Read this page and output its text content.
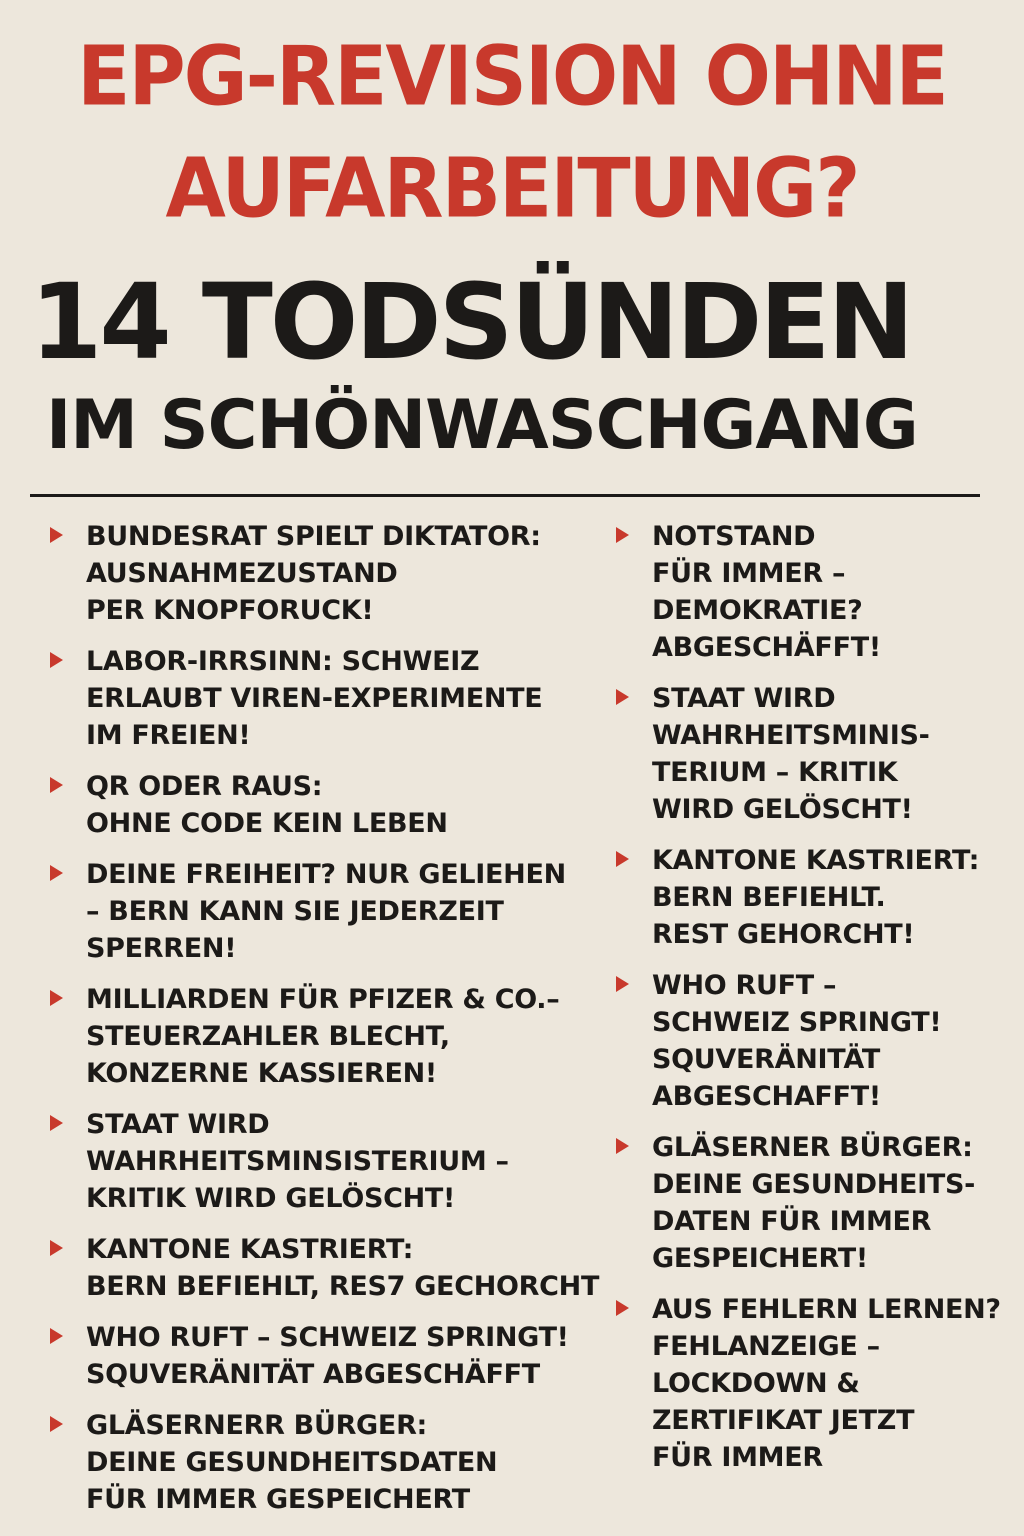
EPG-REVISION OHNE
AUFARBEITUNG?
14 TODSÜNDEN
IM SCHÖNWASCHGANG
BUNDESRAT SPIELT DIKTATOR:
AUSNAHMEZUSTAND
PER KNOPFORUCK!
LABOR-IRRSINN: SCHWEIZ
ERLAUBT VIREN-EXPERIMENTE
IM FREIEN!
QR ODER RAUS:
OHNE CODE KEIN LEBEN
DEINE FREIHEIT? NUR GELIEHEN
– BERN KANN SIE JEDERZEIT
SPERREN!
MILLIARDEN FÜR PFIZER & CO.–
STEUERZAHLER BLECHT,
KONZERNE KASSIEREN!
STAAT WIRD
WAHRHEITSMINSISTERIUM –
KRITIK WIRD GELÖSCHT!
KANTONE KASTRIERT:
BERN BEFIEHLT, RES7 GECHORCHT
WHO RUFT – SCHWEIZ SPRINGT!
SQUVERÄNITÄT ABGESCHÄFFT
GLÄSERNERR BÜRGER:
DEINE GESUNDHEITSDATEN
FÜR IMMER GESPEICHERT
NOTSTAND
FÜR IMMER –
DEMOKRATIE?
ABGESCHÄFFT!
STAAT WIRD
WAHRHEITSMINIS-
TERIUM – KRITIK
WIRD GELÖSCHT!
KANTONE KASTRIERT:
BERN BEFIEHLT.
REST GEHORCHT!
WHO RUFT –
SCHWEIZ SPRINGT!
SQUVERÄNITÄT
ABGESCHAFFT!
GLÄSERNER BÜRGER:
DEINE GESUNDHEITS-
DATEN FÜR IMMER
GESPEICHERT!
AUS FEHLERN LERNEN?
FEHLANZEIGE –
LOCKDOWN &
ZERTIFIKAT JETZT
FÜR IMMER
